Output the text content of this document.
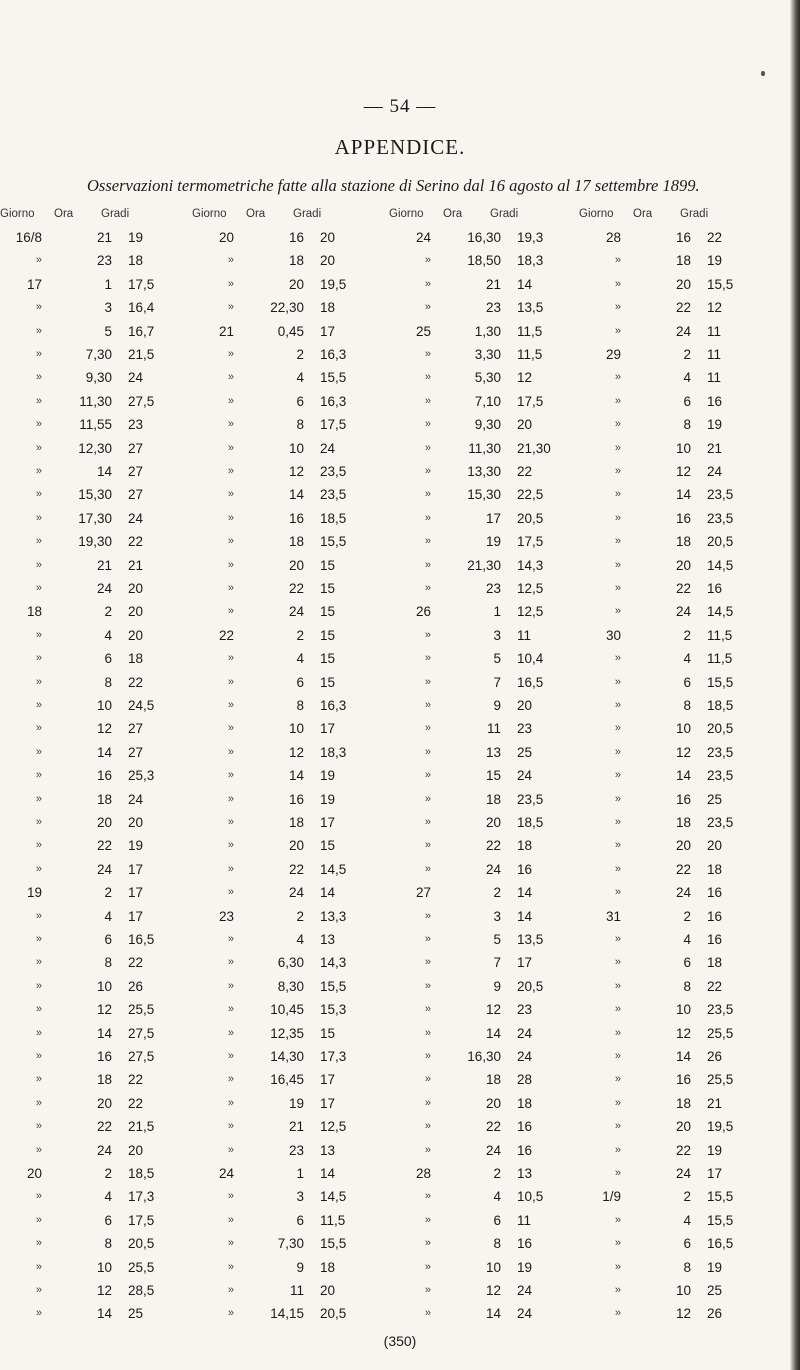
— 54 —
APPENDICE.
Osservazioni termometriche fatte alla stazione di Serino dal 16 agosto al 17 settembre 1899.
Giorno Ora Gradi	Giorno Ora Gradi	Giorno Ora Gradi	Giorno Ora Gradi
16/8	21 19
»	23 18
17	1 17,5
»	3 16,4
»	5 16,7
»	7,30 21,5
»	9,30 24
»	11,30 27,5
»	11,55 23
»	12,30 27
»	14 27
»	15,30 27
»	17,30 24
»	19,30 22
»	21 21
»	24 20
18	2 20
»	4 20
»	6 18
»	8 22
»	10 24,5
»	12 27
»	14 27
»	16 25,3
»	18 24
»	20 20
»	22 19
»	24 17
19	2 17
»	4 17
»	6 16,5
»	8 22
»	10 26
»	12 25,5
»	14 27,5
»	16 27,5
»	18 22
»	20 22
»	22 21,5
»	24 20
20	2 18,5
»	4 17,3
»	6 17,5
»	8 20,5
»	10 25,5
»	12 28,5
»	14 25
20	16 20
»	18 20
»	20 19,5
»	22,30 18
21	0,45 17
»	2 16,3
»	4 15,5
»	6 16,3
»	8 17,5
»	10 24
»	12 23,5
»	14 23,5
»	16 18,5
»	18 15,5
»	20 15
»	22 15
»	24 15
22	2 15
»	4 15
»	6 15
»	8 16,3
»	10 17
»	12 18,3
»	14 19
»	16 19
»	18 17
»	20 15
»	22 14,5
»	24 14
23	2 13,3
»	4 13
»	6,30 14,3
»	8,30 15,5
»	10,45 15,3
»	12,35 15
»	14,30 17,3
»	16,45 17
»	19 17
»	21 12,5
»	23 13
24	1 14
»	3 14,5
»	6 11,5
»	7,30 15,5
»	9 18
»	11 20
»	14,15 20,5
24	16,30 19,3
»	18,50 18,3
»	21 14
»	23 13,5
25	1,30 11,5
»	3,30 11,5
»	5,30 12
»	7,10 17,5
»	9,30 20
»	11,30 21,30
»	13,30 22
»	15,30 22,5
»	17 20,5
»	19 17,5
»	21,30 14,3
»	23 12,5
26	1 12,5
»	3 11
»	5 10,4
»	7 16,5
»	9 20
»	11 23
»	13 25
»	15 24
»	18 23,5
»	20 18,5
»	22 18
»	24 16
27	2 14
»	3 14
»	5 13,5
»	7 17
»	9 20,5
»	12 23
»	14 24
»	16,30 24
»	18 28
»	20 18
»	22 16
»	24 16
28	2 13
»	4 10,5
»	6 11
»	8 16
»	10 19
»	12 24
»	14 24
28	16 22
»	18 19
»	20 15,5
»	22 12
»	24 11
29	2 11
»	4 11
»	6 16
»	8 19
»	10 21
»	12 24
»	14 23,5
»	16 23,5
»	18 20,5
»	20 14,5
»	22 16
»	24 14,5
30	2 11,5
»	4 11,5
»	6 15,5
»	8 18,5
»	10 20,5
»	12 23,5
»	14 23,5
»	16 25
»	18 23,5
»	20 20
»	22 18
»	24 16
31	2 16
»	4 16
»	6 18
»	8 22
»	10 23,5
»	12 25,5
»	14 26
»	16 25,5
»	18 21
»	20 19,5
»	22 19
»	24 17
1/9	2 15,5
»	4 15,5
»	6 16,5
»	8 19
»	10 25
»	12 26
(350)
